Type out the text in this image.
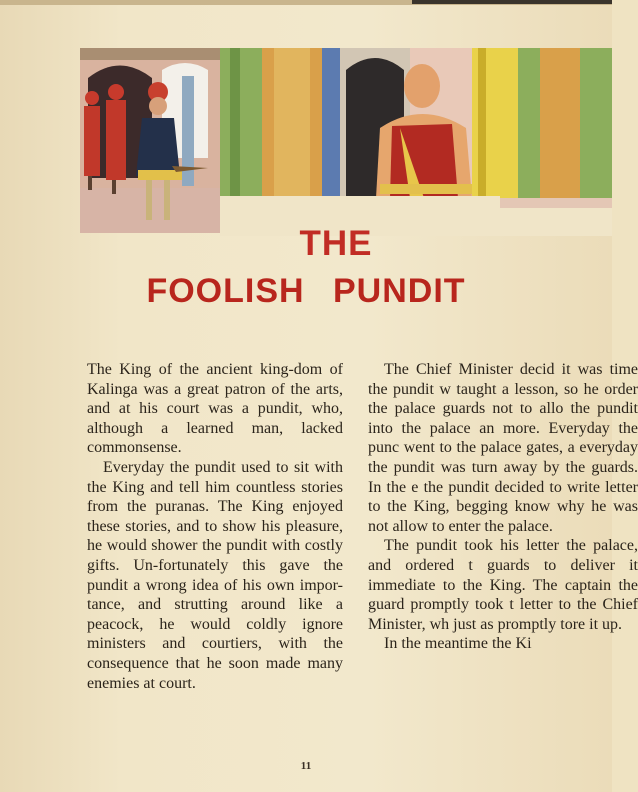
THE
FOOLISH PUNDIT

The King of the ancient king-dom of Kalinga was a great patron of the arts, and at his court was a pundit, who, although a learned man, lacked commonsense.

Everyday the pundit used to sit with the King and tell him countless stories from the puranas. The King enjoyed these stories, and to show his pleasure, he would shower the pundit with costly gifts. Un-fortunately this gave the pundit a wrong idea of his own impor-tance, and strutting around like a peacock, he would coldly ignore ministers and courtiers, with the consequence that he soon made many enemies at court.

The Chief Minister decid it was time the pundit w taught a lesson, so he order the palace guards not to allo the pundit into the palace an more. Everyday the punc went to the palace gates, a everyday the pundit was turn away by the guards. In the e the pundit decided to write letter to the King, begging know why he was not allow to enter the palace.

The pundit took his letter the palace, and ordered t guards to deliver it immediate to the King. The captain the guard promptly took t letter to the Chief Minister, wh just as promptly tore it up.

In the meantime the Ki

11
